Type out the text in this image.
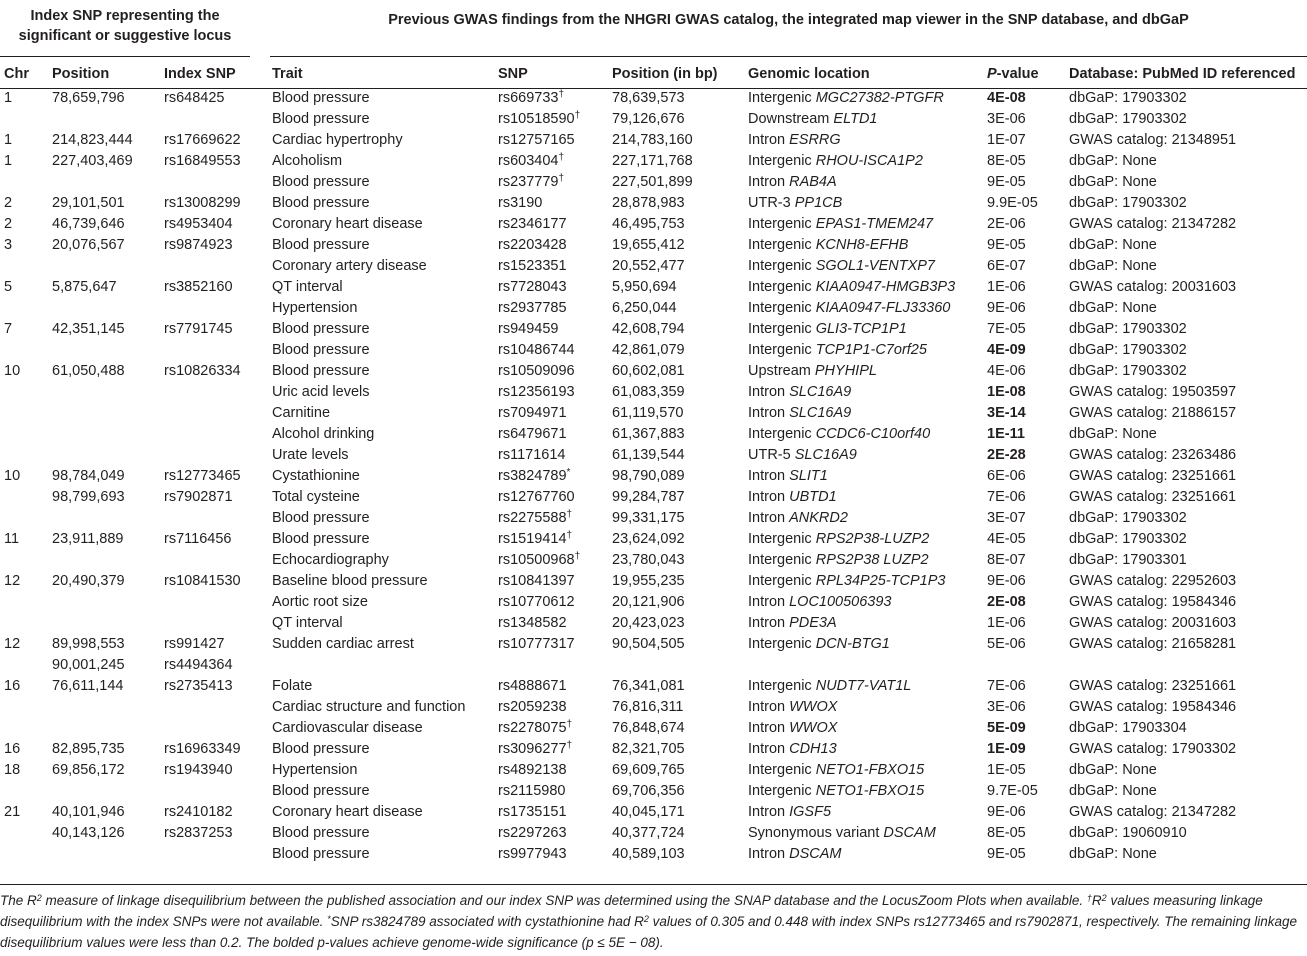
Index SNP representing the
significant or suggestive locus
Previous GWAS findings from the NHGRI GWAS catalog, the integrated map viewer in the SNP database, and dbGaP
Chr	Position	Index SNP	Trait	SNP	Position (in bp)	Genomic location	P-value	Database: PubMed ID referenced
1	78,659,796	rs648425	Blood pressure	rs669733†	78,639,573	Intergenic MGC27382-PTGFR	4E-08	dbGaP: 17903302
			Blood pressure	rs10518590†	79,126,676	Downstream ELTD1	3E-06	dbGaP: 17903302
1	214,823,444	rs17669622	Cardiac hypertrophy	rs12757165	214,783,160	Intron ESRRG	1E-07	GWAS catalog: 21348951
1	227,403,469	rs16849553	Alcoholism	rs603404†	227,171,768	Intergenic RHOU-ISCA1P2	8E-05	dbGaP: None
			Blood pressure	rs237779†	227,501,899	Intron RAB4A	9E-05	dbGaP: None
2	29,101,501	rs13008299	Blood pressure	rs3190	28,878,983	UTR-3 PP1CB	9.9E-05	dbGaP: 17903302
2	46,739,646	rs4953404	Coronary heart disease	rs2346177	46,495,753	Intergenic EPAS1-TMEM247	2E-06	GWAS catalog: 21347282
3	20,076,567	rs9874923	Blood pressure	rs2203428	19,655,412	Intergenic KCNH8-EFHB	9E-05	dbGaP: None
			Coronary artery disease	rs1523351	20,552,477	Intergenic SGOL1-VENTXP7	6E-07	dbGaP: None
5	5,875,647	rs3852160	QT interval	rs7728043	5,950,694	Intergenic KIAA0947-HMGB3P3	1E-06	GWAS catalog: 20031603
			Hypertension	rs2937785	6,250,044	Intergenic KIAA0947-FLJ33360	9E-06	dbGaP: None
7	42,351,145	rs7791745	Blood pressure	rs949459	42,608,794	Intergenic GLI3-TCP1P1	7E-05	dbGaP: 17903302
			Blood pressure	rs10486744	42,861,079	Intergenic TCP1P1-C7orf25	4E-09	dbGaP: 17903302
10	61,050,488	rs10826334	Blood pressure	rs10509096	60,602,081	Upstream PHYHIPL	4E-06	dbGaP: 17903302
			Uric acid levels	rs12356193	61,083,359	Intron SLC16A9	1E-08	GWAS catalog: 19503597
			Carnitine	rs7094971	61,119,570	Intron SLC16A9	3E-14	GWAS catalog: 21886157
			Alcohol drinking	rs6479671	61,367,883	Intergenic CCDC6-C10orf40	1E-11	dbGaP: None
			Urate levels	rs1171614	61,139,544	UTR-5 SLC16A9	2E-28	GWAS catalog: 23263486
10	98,784,049	rs12773465	Cystathionine	rs3824789*	98,790,089	Intron SLIT1	6E-06	GWAS catalog: 23251661
	98,799,693	rs7902871	Total cysteine	rs12767760	99,284,787	Intron UBTD1	7E-06	GWAS catalog: 23251661
			Blood pressure	rs2275588†	99,331,175	Intron ANKRD2	3E-07	dbGaP: 17903302
11	23,911,889	rs7116456	Blood pressure	rs1519414†	23,624,092	Intergenic RPS2P38-LUZP2	4E-05	dbGaP: 17903302
			Echocardiography	rs10500968†	23,780,043	Intergenic RPS2P38 LUZP2	8E-07	dbGaP: 17903301
12	20,490,379	rs10841530	Baseline blood pressure	rs10841397	19,955,235	Intergenic RPL34P25-TCP1P3	9E-06	GWAS catalog: 22952603
			Aortic root size	rs10770612	20,121,906	Intron LOC100506393	2E-08	GWAS catalog: 19584346
			QT interval	rs1348582	20,423,023	Intron PDE3A	1E-06	GWAS catalog: 20031603
12	89,998,553	rs991427	Sudden cardiac arrest	rs10777317	90,504,505	Intergenic DCN-BTG1	5E-06	GWAS catalog: 21658281
	90,001,245	rs4494364						
16	76,611,144	rs2735413	Folate	rs4888671	76,341,081	Intergenic NUDT7-VAT1L	7E-06	GWAS catalog: 23251661
			Cardiac structure and function	rs2059238	76,816,311	Intron WWOX	3E-06	GWAS catalog: 19584346
			Cardiovascular disease	rs2278075†	76,848,674	Intron WWOX	5E-09	dbGaP: 17903304
16	82,895,735	rs16963349	Blood pressure	rs3096277†	82,321,705	Intron CDH13	1E-09	GWAS catalog: 17903302
18	69,856,172	rs1943940	Hypertension	rs4892138	69,609,765	Intergenic NETO1-FBXO15	1E-05	dbGaP: None
			Blood pressure	rs2115980	69,706,356	Intergenic NETO1-FBXO15	9.7E-05	dbGaP: None
21	40,101,946	rs2410182	Coronary heart disease	rs1735151	40,045,171	Intron IGSF5	9E-06	GWAS catalog: 21347282
	40,143,126	rs2837253	Blood pressure	rs2297263	40,377,724	Synonymous variant DSCAM	8E-05	dbGaP: 19060910
			Blood pressure	rs9977943	40,589,103	Intron DSCAM	9E-05	dbGaP: None
The $R^2$ measure of linkage disequilibrium between the published association and our index SNP was determined using the SNAP database and the LocusZoom Plots when available. $^\dagger R^2$ values measuring linkage disequilibrium with the index SNPs were not available. *SNP rs3824789 associated with cystathionine had $R^2$ values of 0.305 and 0.448 with index SNPs rs12773465 and rs7902871, respectively. The remaining linkage disequilibrium values were less than 0.2. The bolded p-values achieve genome-wide significance (p ≤ 5E − 08).
